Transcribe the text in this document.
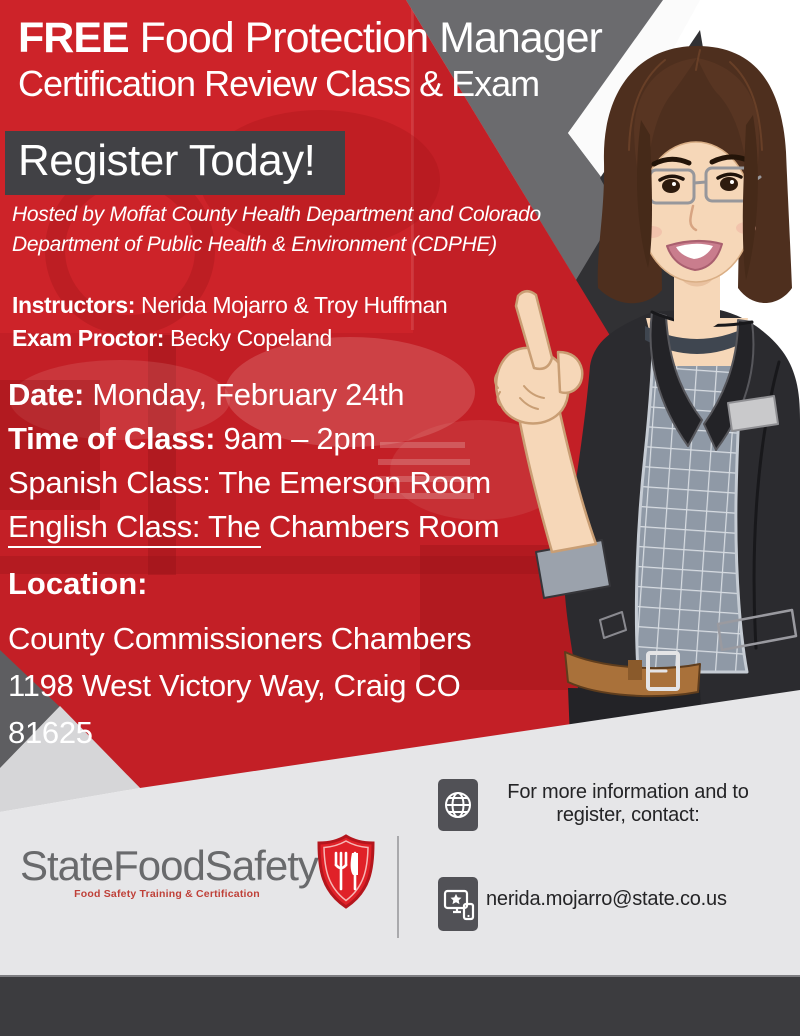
FREE Food Protection Manager
Certification Review Class & Exam
Register Today!
Hosted by Moffat County Health Department and Colorado
Department of Public Health & Environment (CDPHE)
Instructors: Nerida Mojarro & Troy Huffman
Exam Proctor: Becky Copeland
Date: Monday, February 24th
Time of Class: 9am – 2pm
Spanish Class: The Emerson Room
English Class: The Chambers Room
Location:
County Commissioners Chambers
1198 West Victory Way, Craig CO
81625
StateFoodSafety
Food Safety Training & Certification
For more information and to
register, contact:
nerida.mojarro@state.co.us
